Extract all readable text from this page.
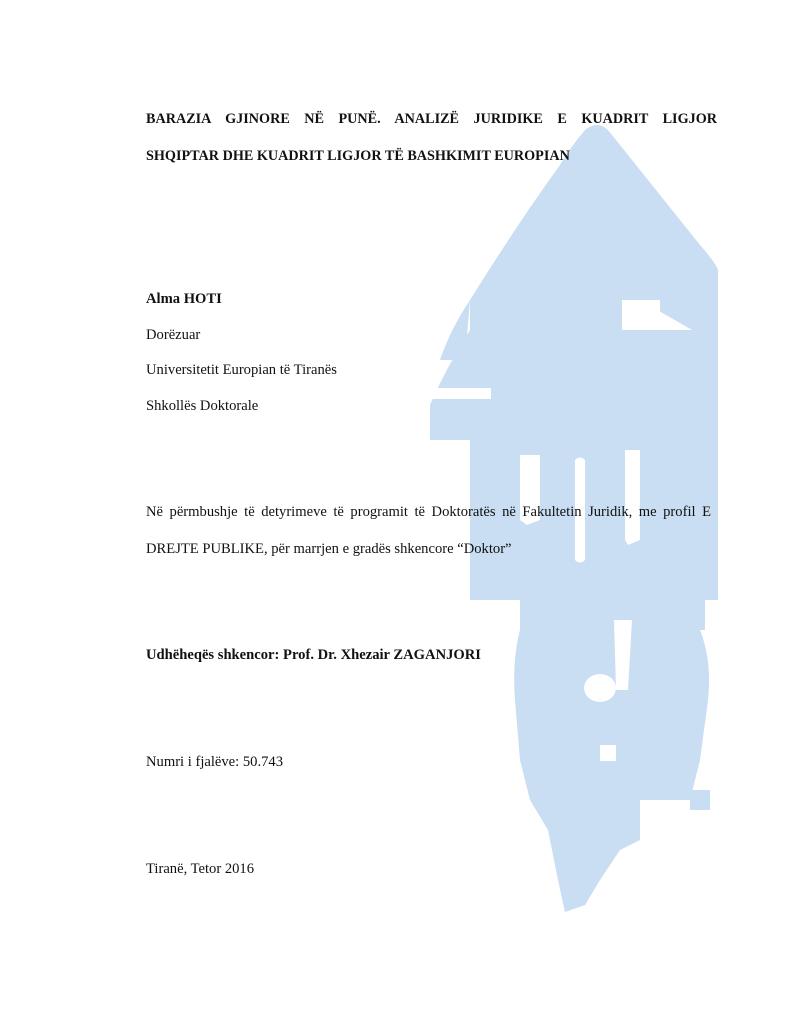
BARAZIA GJINORE NË PUNË. ANALIZË JURIDIKE E KUADRIT LIGJOR
SHQIPTAR DHE KUADRIT LIGJOR TË BASHKIMIT EUROPIAN
Alma HOTI
Dorëzuar
Universitetit Europian të Tiranës
Shkollës Doktorale
Në përmbushje të detyrimeve të programit të Doktoratës në Fakultetin Juridik, me profil E
DREJTE PUBLIKE, për marrjen e gradës shkencore “Doktor”
Udhëheqës shkencor: Prof. Dr. Xhezair ZAGANJORI
Numri i fjalëve: 50.743
Tiranë, Tetor 2016
